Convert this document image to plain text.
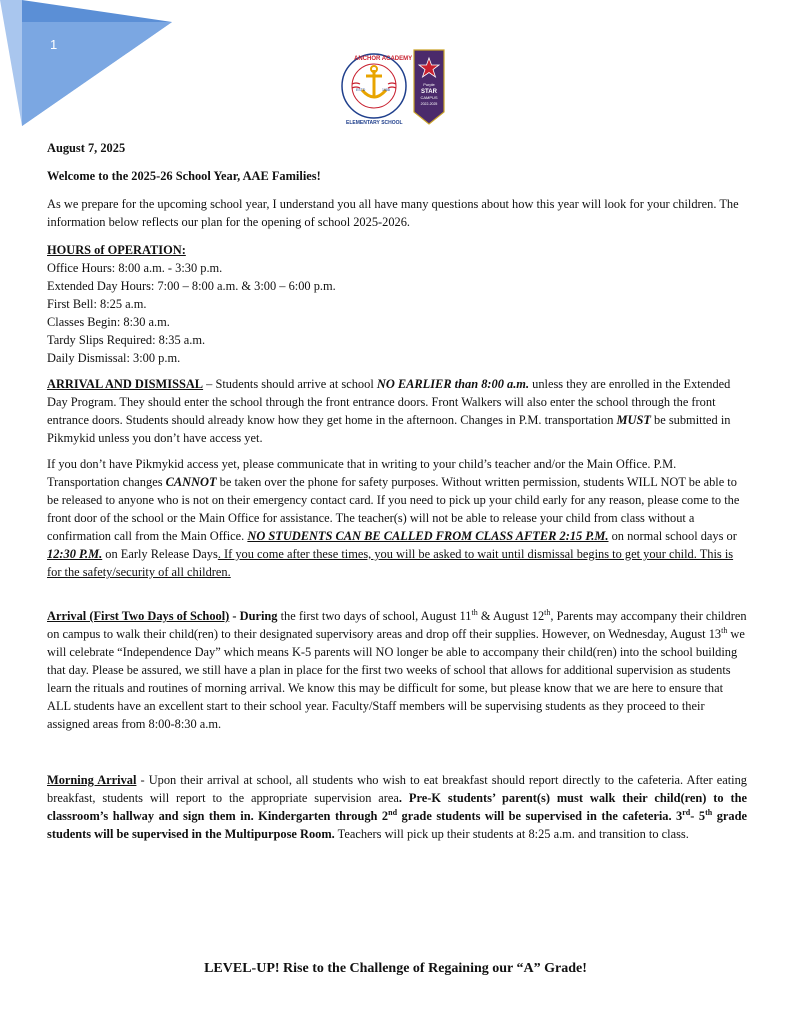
1
ANCHOR ACADEMY
ELEMENTARY SCHOOL
ESTD	1988
Purple
STAR
CAMPUS
2022-2025

August 7, 2025

Welcome to the 2025-26 School Year, AAE Families!

As we prepare for the upcoming school year, I understand you all have many questions about how this year will look for your children. The information below reflects our plan for the opening of school 2025-2026.

HOURS of OPERATION:

Office Hours: 8:00 a.m. - 3:30 p.m.

Extended Day Hours: 7:00 – 8:00 a.m. & 3:00 – 6:00 p.m.

First Bell: 8:25 a.m.

Classes Begin: 8:30 a.m.

Tardy Slips Required: 8:35 a.m.

Daily Dismissal: 3:00 p.m.

ARRIVAL AND DISMISSAL – Students should arrive at school NO EARLIER than 8:00 a.m. unless they are enrolled in the Extended Day Program. They should enter the school through the front entrance doors. Front Walkers will also enter the school through the front entrance doors. Students should already know how they get home in the afternoon. Changes in P.M. transportation MUST be submitted in Pikmykid unless you don’t have access yet.

If you don’t have Pikmykid access yet, please communicate that in writing to your child’s teacher and/or the Main Office. P.M. Transportation changes CANNOT be taken over the phone for safety purposes. Without written permission, students WILL NOT be able to be released to anyone who is not on their emergency contact card. If you need to pick up your child early for any reason, please come to the front door of the school or the Main Office for assistance. The teacher(s) will not be able to release your child from class without a confirmation call from the Main Office. NO STUDENTS CAN BE CALLED FROM CLASS AFTER 2:15 P.M. on normal school days or 12:30 P.M. on Early Release Days. If you come after these times, you will be asked to wait until dismissal begins to get your child. This is for the safety/security of all children.

Arrival (First Two Days of School) - During the first two days of school, August 11th & August 12th, Parents may accompany their children on campus to walk their child(ren) to their designated supervisory areas and drop off their supplies. However, on Wednesday, August 13th we will celebrate “Independence Day” which means K-5 parents will NO longer be able to accompany their child(ren) into the school building that day. Please be assured, we still have a plan in place for the first two weeks of school that allows for additional supervision as students learn the rituals and routines of morning arrival. We know this may be difficult for some, but please know that we are here to ensure that ALL students have an excellent start to their school year. Faculty/Staff members will be supervising students as they proceed to their assigned areas from 8:00-8:30 a.m.

Morning Arrival - Upon their arrival at school, all students who wish to eat breakfast should report directly to the cafeteria. After eating breakfast, students will report to the appropriate supervision area. Pre-K students’ parent(s) must walk their child(ren) to the classroom’s hallway and sign them in. Kindergarten through 2nd grade students will be supervised in the cafeteria. 3rd- 5th grade students will be supervised in the Multipurpose Room. Teachers will pick up their students at 8:25 a.m. and transition to class.

LEVEL-UP! Rise to the Challenge of Regaining our “A” Grade!
